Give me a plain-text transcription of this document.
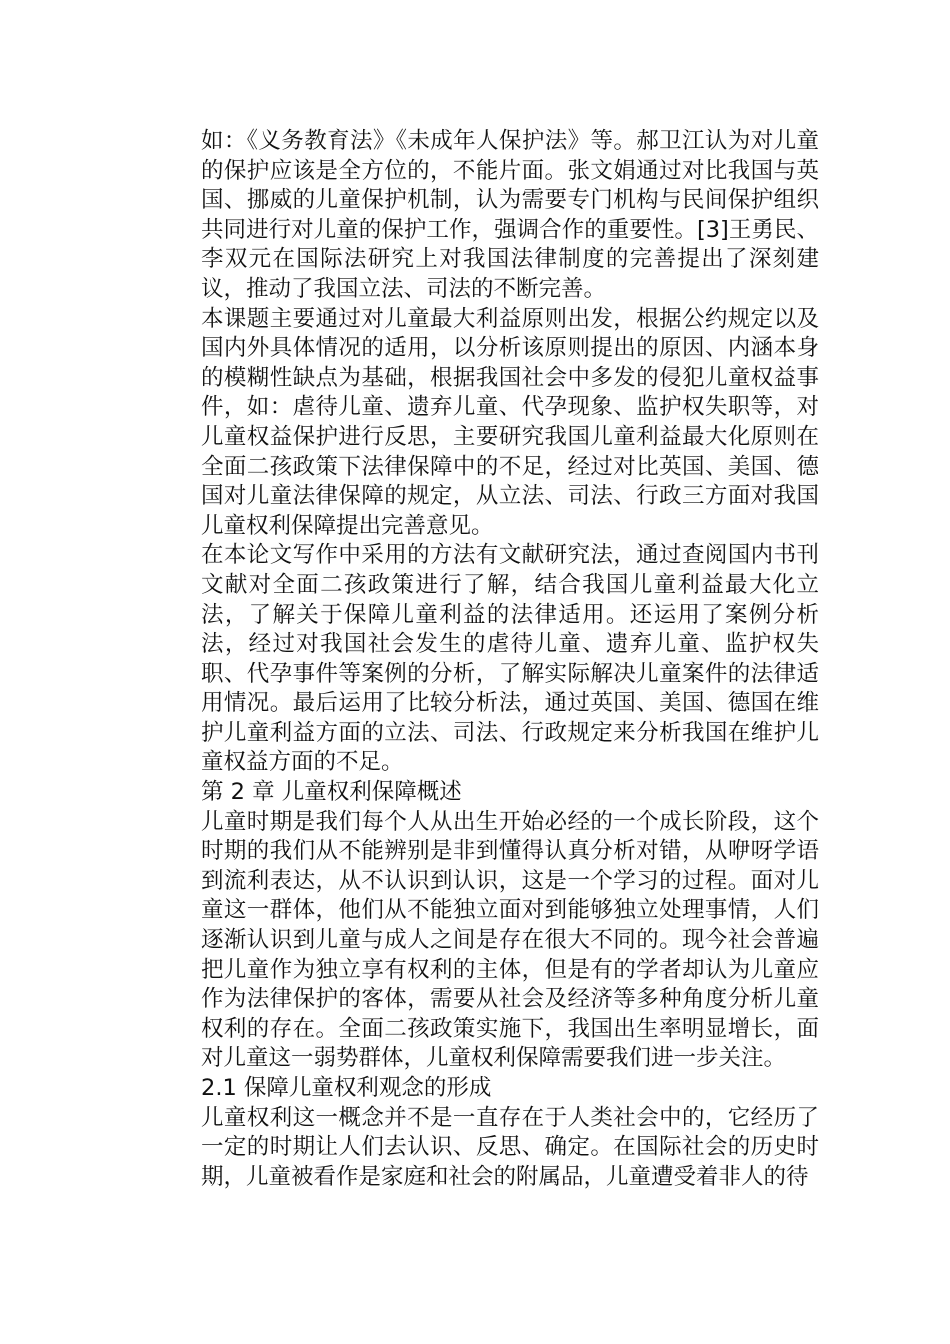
如：《义务教育法》《未成年人保护法》等。郝卫江认为对儿童的保护应该是全方位的，不能片面。张文娟通过对比我国与英国、挪威的儿童保护机制，认为需要专门机构与民间保护组织共同进行对儿童的保护工作，强调合作的重要性。[3]王勇民、李双元在国际法研究上对我国法律制度的完善提出了深刻建议，推动了我国立法、司法的不断完善。

本课题主要通过对儿童最大利益原则出发，根据公约规定以及国内外具体情况的适用，以分析该原则提出的原因、内涵本身的模糊性缺点为基础，根据我国社会中多发的侵犯儿童权益事件，如：虐待儿童、遗弃儿童、代孕现象、监护权失职等，对儿童权益保护进行反思，主要研究我国儿童利益最大化原则在全面二孩政策下法律保障中的不足，经过对比英国、美国、德国对儿童法律保障的规定，从立法、司法、行政三方面对我国儿童权利保障提出完善意见。

在本论文写作中采用的方法有文献研究法，通过查阅国内书刊文献对全面二孩政策进行了解，结合我国儿童利益最大化立法，了解关于保障儿童利益的法律适用。还运用了案例分析法，经过对我国社会发生的虐待儿童、遗弃儿童、监护权失职、代孕事件等案例的分析，了解实际解决儿童案件的法律适用情况。最后运用了比较分析法，通过英国、美国、德国在维护儿童利益方面的立法、司法、行政规定来分析我国在维护儿童权益方面的不足。

第 2 章 儿童权利保障概述

儿童时期是我们每个人从出生开始必经的一个成长阶段，这个时期的我们从不能辨别是非到懂得认真分析对错，从咿呀学语到流利表达，从不认识到认识，这是一个学习的过程。面对儿童这一群体，他们从不能独立面对到能够独立处理事情，人们逐渐认识到儿童与成人之间是存在很大不同的。现今社会普遍把儿童作为独立享有权利的主体，但是有的学者却认为儿童应作为法律保护的客体，需要从社会及经济等多种角度分析儿童权利的存在。全面二孩政策实施下，我国出生率明显增长，面对儿童这一弱势群体，儿童权利保障需要我们进一步关注。

2.1 保障儿童权利观念的形成

儿童权利这一概念并不是一直存在于人类社会中的，它经历了一定的时期让人们去认识、反思、确定。在国际社会的历史时期，儿童被看作是家庭和社会的附属品，儿童遭受着非人的待
